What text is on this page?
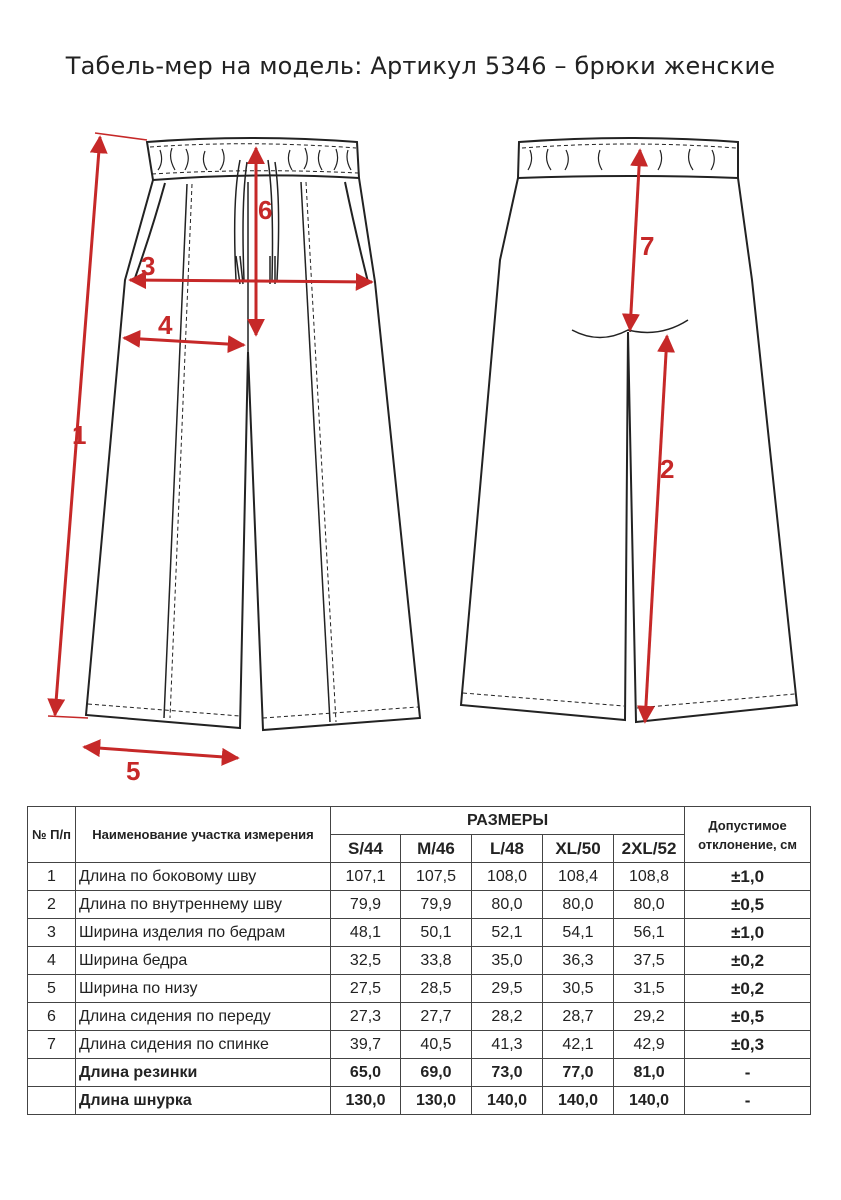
Табель-мер на модель: Артикул 5346 – брюки женские
1
2
3
4
5
6
7
№ П/п	Наименование участка измерения	РАЗМЕРЫ					Допустимое отклонение, см
		S/44	M/46	L/48	XL/50	2XL/52	
1	Длина по боковому шву	107,1	107,5	108,0	108,4	108,8	±1,0
2	Длина по внутреннему шву	79,9	79,9	80,0	80,0	80,0	±0,5
3	Ширина изделия по бедрам	48,1	50,1	52,1	54,1	56,1	±1,0
4	Ширина бедра	32,5	33,8	35,0	36,3	37,5	±0,2
5	Ширина по низу	27,5	28,5	29,5	30,5	31,5	±0,2
6	Длина сидения по переду	27,3	27,7	28,2	28,7	29,2	±0,5
7	Длина сидения по спинке	39,7	40,5	41,3	42,1	42,9	±0,3
	Длина резинки	65,0	69,0	73,0	77,0	81,0	-
	Длина шнурка	130,0	130,0	140,0	140,0	140,0	-
